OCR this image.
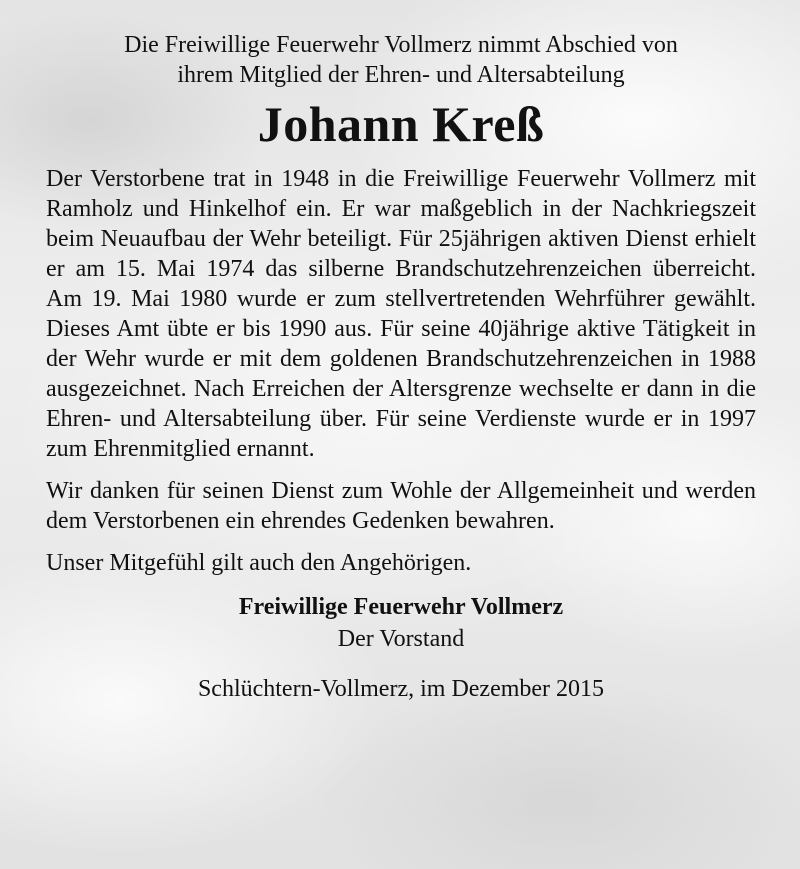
Die Freiwillige Feuerwehr Vollmerz nimmt Abschied von

ihrem Mitglied der Ehren- und Altersabteilung

Johann Kreß

Der Verstorbene trat in 1948 in die Freiwillige Feuerwehr Vollmerz mit Ramholz und Hinkelhof ein. Er war maßgeblich in der Nachkriegszeit beim Neuaufbau der Wehr beteiligt. Für 25jährigen aktiven Dienst erhielt er am 15. Mai 1974 das silberne Brandschutzehrenzeichen überreicht. Am 19. Mai 1980 wurde er zum stellvertretenden Wehrführer gewählt. Dieses Amt übte er bis 1990 aus. Für seine 40jährige aktive Tätigkeit in der Wehr wurde er mit dem goldenen Brandschutzehrenzeichen in 1988 ausgezeichnet. Nach Erreichen der Altersgrenze wechselte er dann in die Ehren- und Altersabteilung über. Für seine Verdienste wurde er in 1997 zum Ehrenmitglied ernannt.

Wir danken für seinen Dienst zum Wohle der Allgemeinheit und werden dem Verstorbenen ein ehrendes Gedenken bewahren.

Unser Mitgefühl gilt auch den Angehörigen.

Freiwillige Feuerwehr Vollmerz

Der Vorstand

Schlüchtern-Vollmerz, im Dezember 2015
